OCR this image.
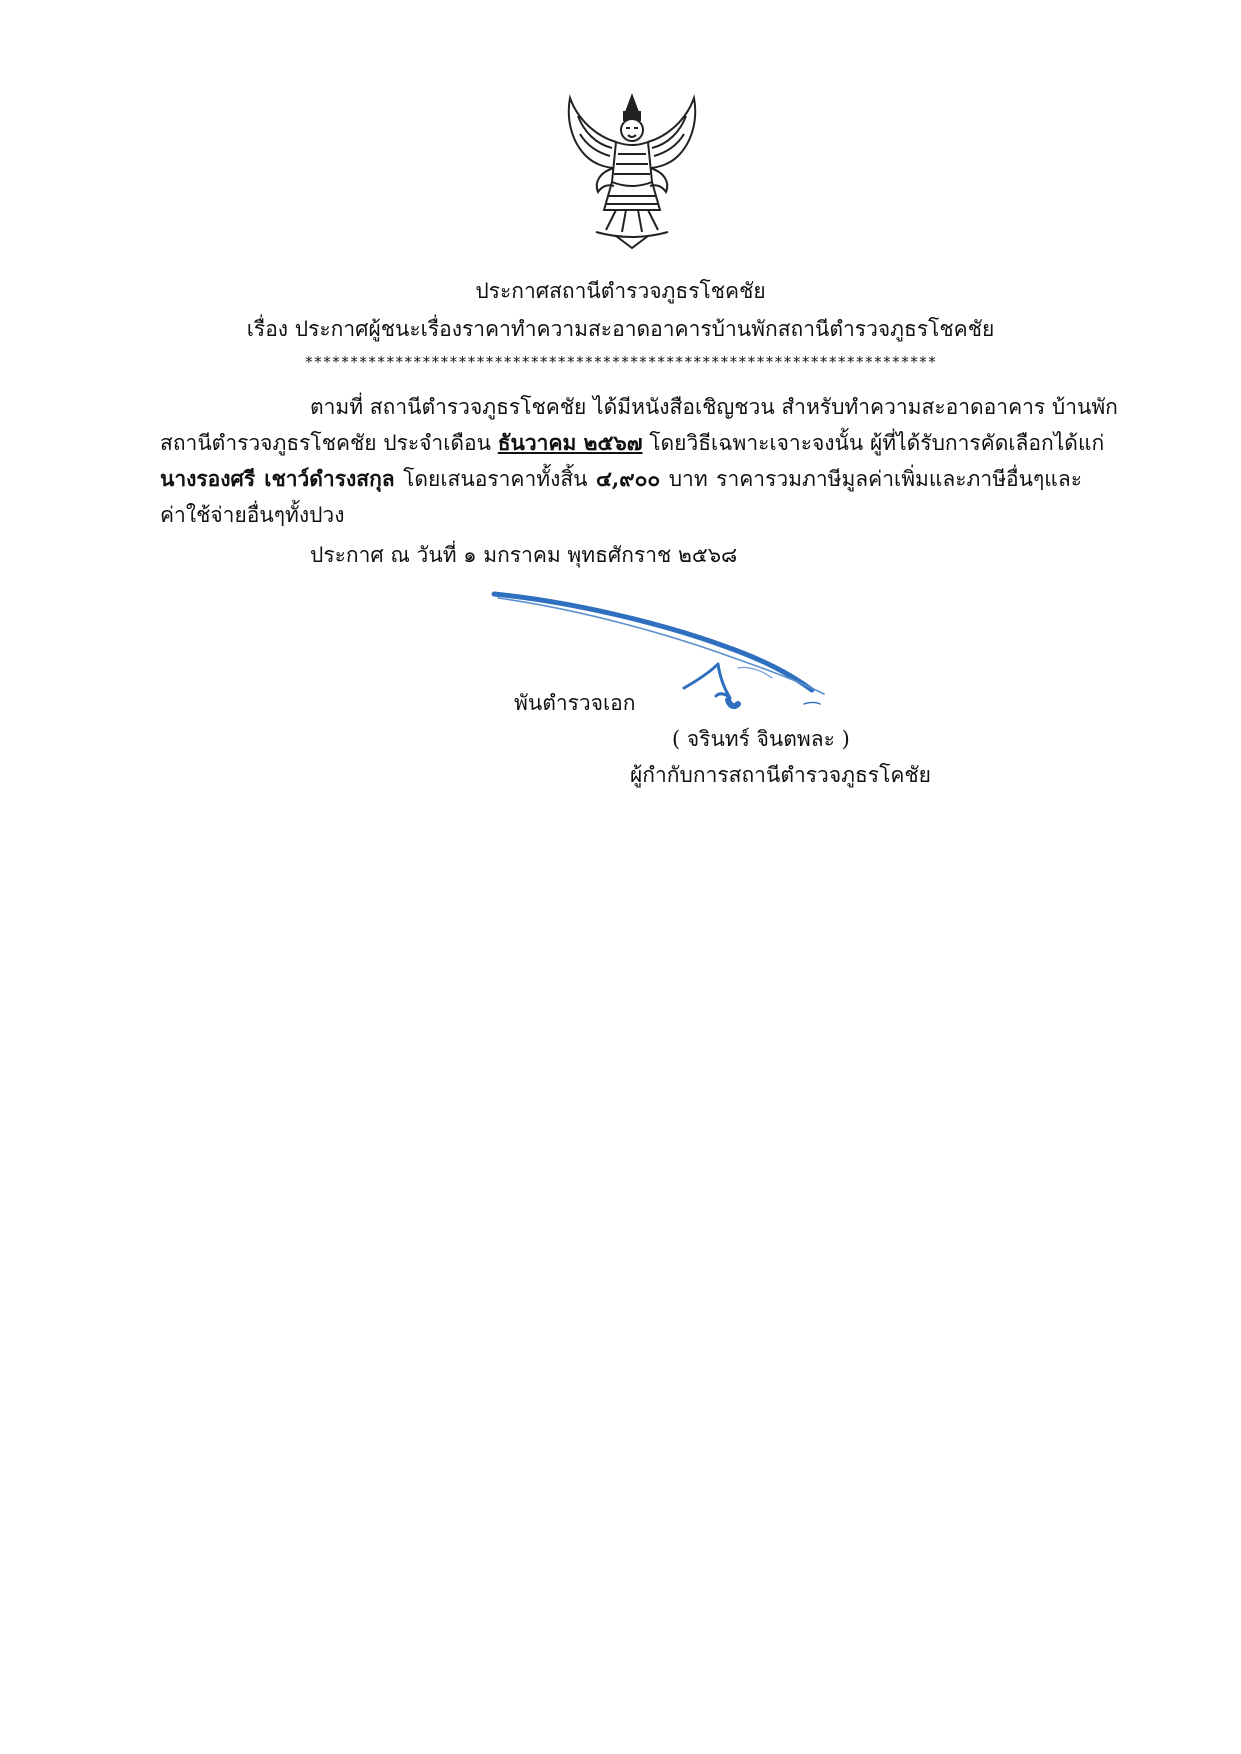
ประกาศสถานีตำรวจภูธรโชคชัย
เรื่อง ประกาศผู้ชนะเรื่องราคาทำความสะอาดอาคารบ้านพักสถานีตำรวจภูธรโชคชัย
**********************************************************************
ตามที่ สถานีตำรวจภูธรโชคชัย ได้มีหนังสือเชิญชวน สำหรับทำความสะอาดอาคาร บ้านพัก
สถานีตำรวจภูธรโชคชัย ประจำเดือน ธันวาคม ๒๕๖๗ โดยวิธีเฉพาะเจาะจงนั้น ผู้ที่ได้รับการคัดเลือกได้แก่
นางรองศรี เชาว์ดำรงสกุล โดยเสนอราคาทั้งสิ้น ๔,๙๐๐ บาท ราคารวมภาษีมูลค่าเพิ่มและภาษีอื่นๆและ
ค่าใช้จ่ายอื่นๆทั้งปวง
ประกาศ ณ วันที่ ๑ มกราคม พุทธศักราช ๒๕๖๘
พันตำรวจเอก
( จรินทร์ จินตพละ )
ผู้กำกับการสถานีตำรวจภูธรโคชัย
